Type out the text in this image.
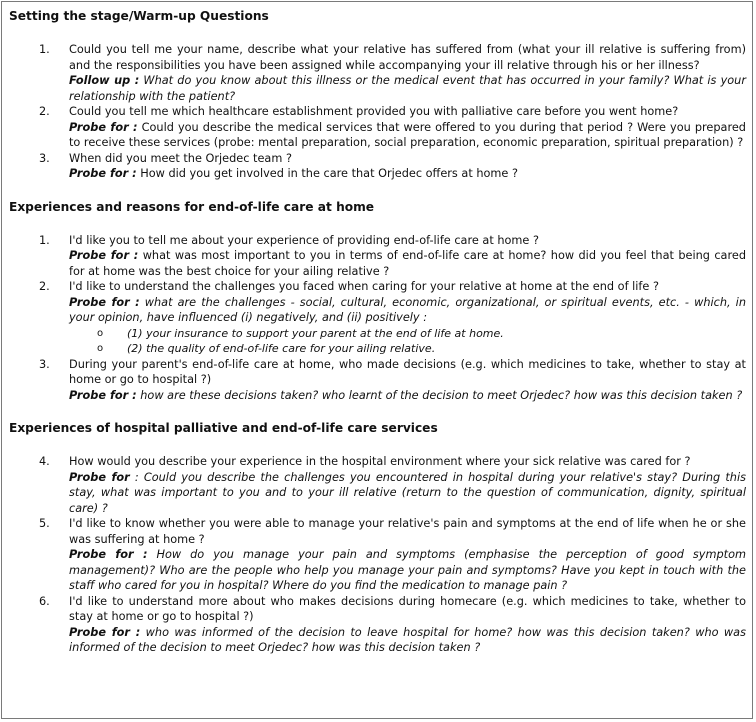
Setting the stage/Warm-up Questions
1.	Could you tell me your name, describe what your relative has suffered from (what your ill relative is suffering from) and the responsibilities you have been assigned while accompanying your ill relative through his or her illness?
Follow up : What do you know about this illness or the medical event that has occurred in your family? What is your relationship with the patient?
2.	Could you tell me which healthcare establishment provided you with palliative care before you went home?
Probe for : Could you describe the medical services that were offered to you during that period ? Were you prepared to receive these services (probe: mental preparation, social preparation, economic preparation, spiritual preparation) ?
3.	When did you meet the Orjedec team ?
Probe for : How did you get involved in the care that Orjedec offers at home ?
Experiences and reasons for end-of-life care at home
1.	I'd like you to tell me about your experience of providing end-of-life care at home ?
Probe for : what was most important to you in terms of end-of-life care at home? how did you feel that being cared for at home was the best choice for your ailing relative ?
2.	I'd like to understand the challenges you faced when caring for your relative at home at the end of life ?
Probe for : what are the challenges - social, cultural, economic, organizational, or spiritual events, etc. - which, in your opinion, have influenced (i) negatively, and (ii) positively :
o	(1) your insurance to support your parent at the end of life at home.
o	(2) the quality of end-of-life care for your ailing relative.
3.	During your parent's end-of-life care at home, who made decisions (e.g. which medicines to take, whether to stay at home or go to hospital ?)
Probe for : how are these decisions taken? who learnt of the decision to meet Orjedec? how was this decision taken ?
Experiences of hospital palliative and end-of-life care services
4.	How would you describe your experience in the hospital environment where your sick relative was cared for ?
Probe for : Could you describe the challenges you encountered in hospital during your relative's stay? During this stay, what was important to you and to your ill relative (return to the question of communication, dignity, spiritual care) ?
5.	I'd like to know whether you were able to manage your relative's pain and symptoms at the end of life when he or she was suffering at home ?
Probe for : How do you manage your pain and symptoms (emphasise the perception of good symptom management)? Who are the people who help you manage your pain and symptoms? Have you kept in touch with the staff who cared for you in hospital? Where do you find the medication to manage pain ?
6.	I'd like to understand more about who makes decisions during homecare (e.g. which medicines to take, whether to stay at home or go to hospital ?)
Probe for : who was informed of the decision to leave hospital for home? how was this decision taken? who was informed of the decision to meet Orjedec? how was this decision taken ?
